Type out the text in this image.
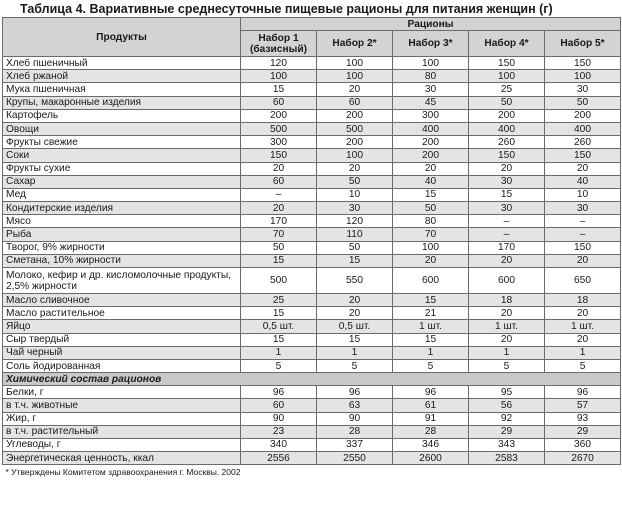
Таблица 4. Вариативные среднесуточные пищевые рационы для питания женщин (г)
Продукты	Рационы				
	Набор 1 (базисный)	Набор 2*	Набор 3*	Набор 4*	Набор 5*
Хлеб пшеничный	120	100	100	150	150
Хлеб ржаной	100	100	80	100	100
Мука пшеничная	15	20	30	25	30
Крупы, макаронные изделия	60	60	45	50	50
Картофель	200	200	300	200	200
Овощи	500	500	400	400	400
Фрукты свежие	300	200	200	260	260
Соки	150	100	200	150	150
Фрукты сухие	20	20	20	20	20
Сахар	60	50	40	30	40
Мед	–	10	15	15	10
Кондитерские изделия	20	30	50	30	30
Мясо	170	120	80	–	–
Рыба	70	110	70	–	–
Творог, 9% жирности	50	50	100	170	150
Сметана, 10% жирности	15	15	20	20	20
Молоко, кефир и др. кисломолочные продукты, 2,5% жирности	500	550	600	600	650
Масло сливочное	25	20	15	18	18
Масло растительное	15	20	21	20	20
Яйцо	0,5 шт.	0,5 шт.	1 шт.	1 шт.	1 шт.
Сыр твердый	15	15	15	20	20
Чай черный	1	1	1	1	1
Соль йодированная	5	5	5	5	5
Химический состав рационов					
Белки, г	96	96	96	95	96
в т.ч. животные	60	63	61	56	57
Жир, г	90	90	91	92	93
в т.ч. растительный	23	28	28	29	29
Углеводы, г	340	337	346	343	360
Энергетическая ценность, ккал	2556	2550	2600	2583	2670
* Утверждены Комитетом здравоохранения г. Москвы. 2002					
